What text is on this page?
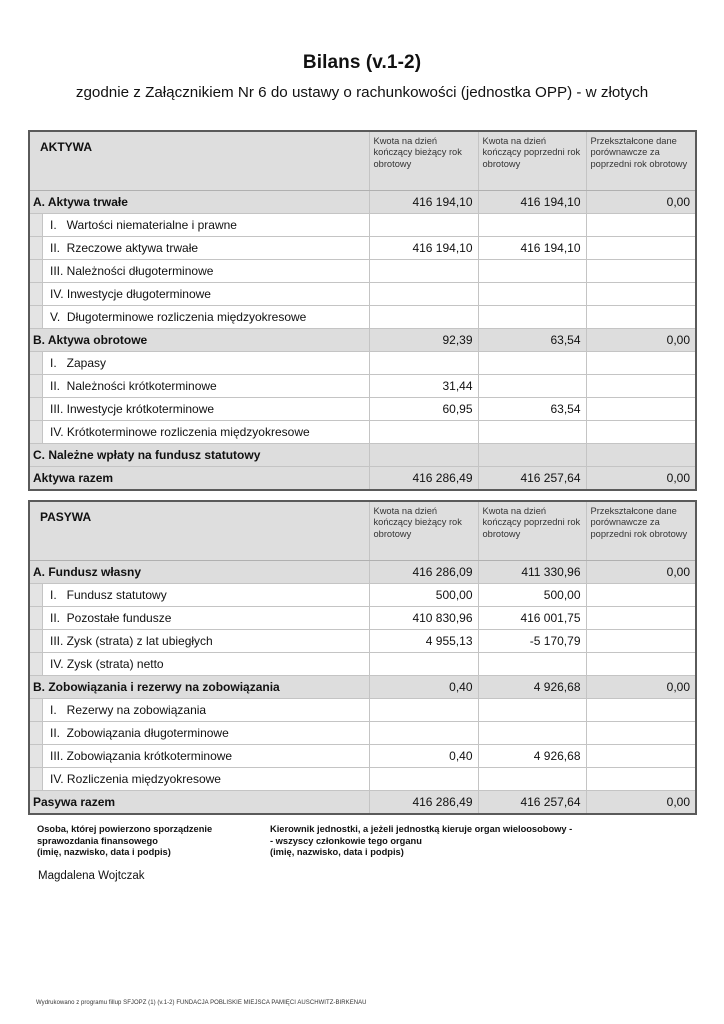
Bilans (v.1-2)
zgodnie z Załącznikiem Nr 6 do ustawy o rachunkowości (jednostka OPP) - w złotych
AKTYWA	Kwota na dzień kończący bieżący rok obrotowy	Kwota na dzień kończący poprzedni rok obrotowy	Przekształcone dane porównawcze za poprzedni rok obrotowy
A. Aktywa trwałe	416 194,10	416 194,10	0,00

I. Wartości niematerialne i prawne			

II. Rzeczowe aktywa trwałe	416 194,10	416 194,10	

III. Należności długoterminowe			

IV. Inwestycje długoterminowe			

V. Długoterminowe rozliczenia międzyokresowe			

B. Aktywa obrotowe	92,39	63,54	0,00

I. Zapasy			

II. Należności krótkoterminowe	31,44		

III. Inwestycje krótkoterminowe	60,95	63,54	

IV. Krótkoterminowe rozliczenia międzyokresowe			

C. Należne wpłaty na fundusz statutowy			
Aktywa razem	416 286,49	416 257,64	0,00
PASYWA	Kwota na dzień kończący bieżący rok obrotowy	Kwota na dzień kończący poprzedni rok obrotowy	Przekształcone dane porównawcze za poprzedni rok obrotowy
A. Fundusz własny	416 286,09	411 330,96	0,00

I. Fundusz statutowy	500,00	500,00	

II. Pozostałe fundusze	410 830,96	416 001,75	

III. Zysk (strata) z lat ubiegłych	4 955,13	-5 170,79	

IV. Zysk (strata) netto			

B. Zobowiązania i rezerwy na zobowiązania	0,40	4 926,68	0,00

I. Rezerwy na zobowiązania			

II. Zobowiązania długoterminowe			

III. Zobowiązania krótkoterminowe	0,40	4 926,68	

IV. Rozliczenia międzyokresowe			

Pasywa razem	416 286,49	416 257,64	0,00
Osoba, której powierzono sporządzenie
sprawozdania finansowego
(imię, nazwisko, data i podpis)
Kierownik jednostki, a jeżeli jednostką kieruje organ wieloosobowy -
- wszyscy członkowie tego organu
(imię, nazwisko, data i podpis)
Magdalena Wojtczak
Wydrukowano z programu fillup SFJOPZ (1) (v.1-2) FUNDACJA POBLISKIE MIEJSCA PAMIĘCI AUSCHWITZ-BIRKENAU
